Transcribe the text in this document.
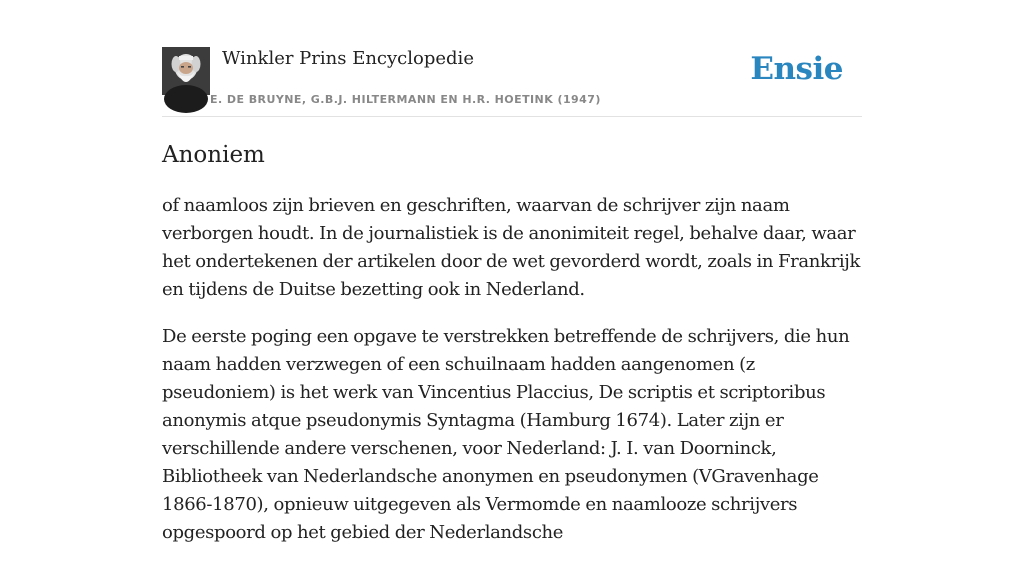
Winkler Prins Encyclopedie
E. DE BRUYNE, G.B.J. HILTERMANN EN H.R. HOETINK (1947)
Ensie
Anoniem

of naamloos zijn brieven en geschriften, waarvan de schrijver zijn naam verborgen houdt. In de journalistiek is de anonimiteit regel, behalve daar, waar het ondertekenen der artikelen door de wet gevorderd wordt, zoals in Frankrijk en tijdens de Duitse bezetting ook in Nederland.

De eerste poging een opgave te verstrekken betreffende de schrijvers, die hun naam hadden verzwegen of een schuilnaam hadden aangenomen (z pseudoniem) is het werk van Vincentius Placcius, De scriptis et scriptoribus anonymis atque pseudonymis Syntagma (Hamburg 1674). Later zijn er verschillende andere verschenen, voor Nederland: J. I. van Doorninck, Bibliotheek van Nederlandsche anonymen en pseudonymen (VGravenhage 1866-1870), opnieuw uitgegeven als Vermomde en naamlooze schrijvers opgespoord op het gebied der Nederlandsche
